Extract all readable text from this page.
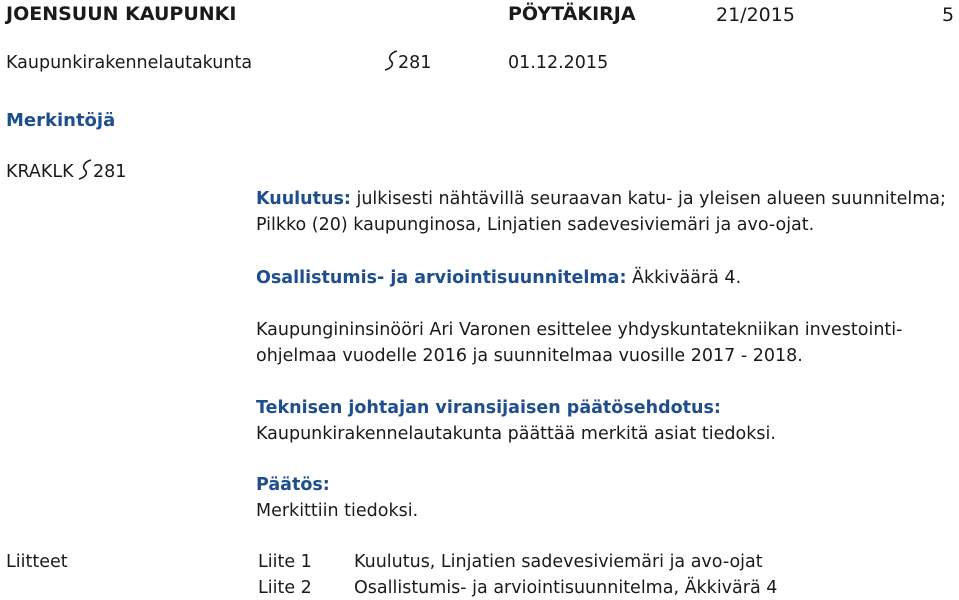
JOENSUUN KAUPUNKI	PÖYTÄKIRJA	21/2015	5
Kaupunkirakennelautakunta	281	01.12.2015
Merkintöjä
KRAKLK 281
Kuulutus: julkisesti nähtävillä seuraavan katu- ja yleisen alueen suunnitelma;
Pilkko (20) kaupunginosa, Linjatien sadevesiviemäri ja avo-ojat.
Osallistumis- ja arviointisuunnitelma: Äkkiväärä 4.
Kaupungininsinööri Ari Varonen esittelee yhdyskuntatekniikan investointi-
ohjelmaa vuodelle 2016 ja suunnitelmaa vuosille 2017 - 2018.
Teknisen johtajan viransijaisen päätösehdotus:
Kaupunkirakennelautakunta päättää merkitä asiat tiedoksi.
Päätös:
Merkittiin tiedoksi.
Liitteet	Liite 1 Kuulutus, Linjatien sadevesiviemäri ja avo-ojat
Liite 2 Osallistumis- ja arviointisuunnitelma, Äkkivärä 4
